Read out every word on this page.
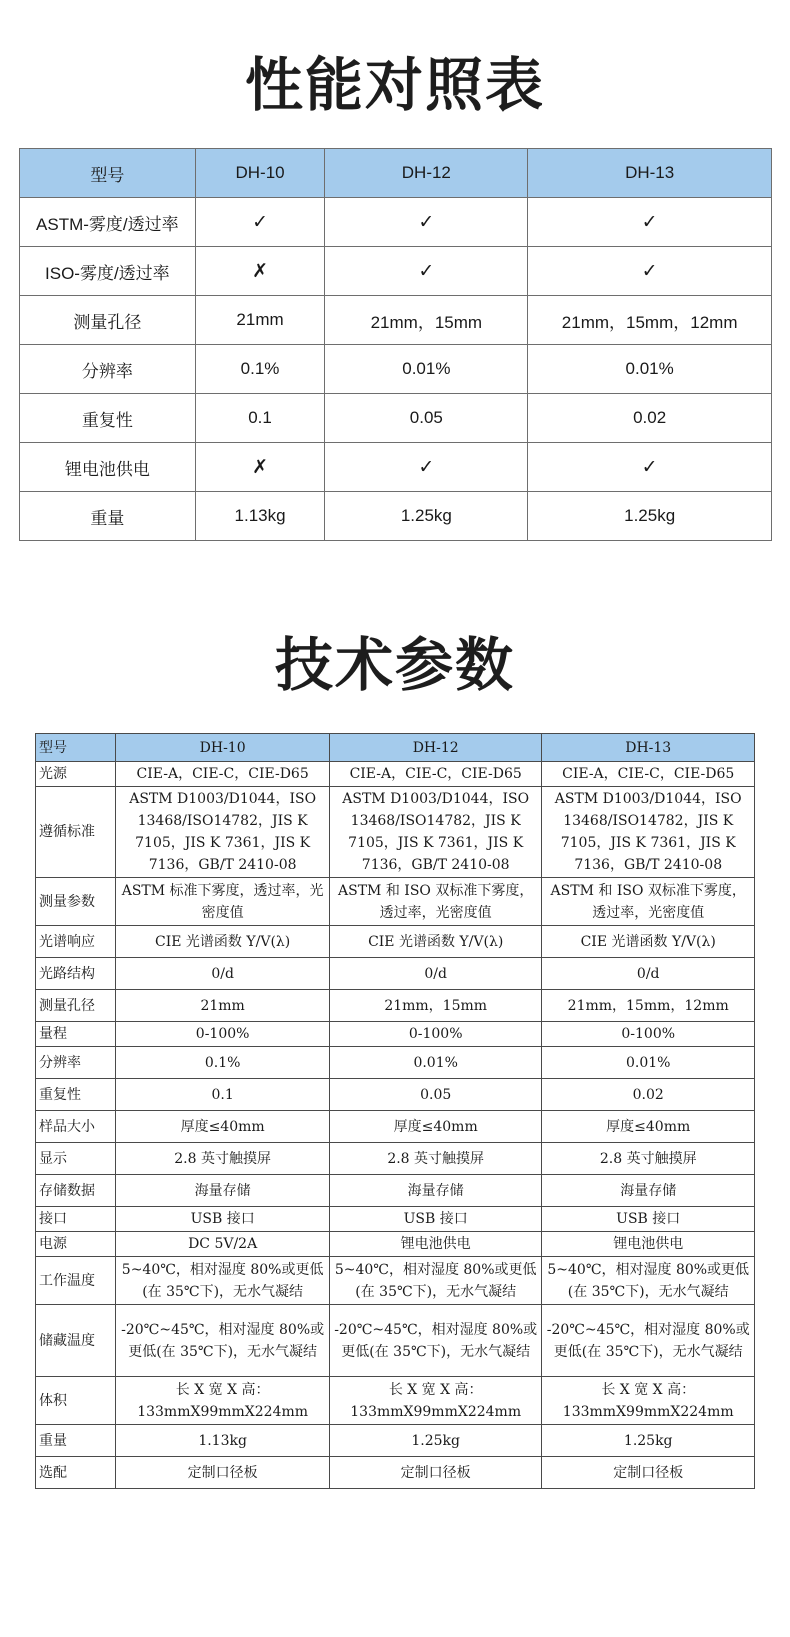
性能对照表
型号	DH-10	DH-12	DH-13
ASTM-雾度/透过率	✓	✓	✓
ISO-雾度/透过率	✗	✓	✓
测量孔径	21mm	21mm，15mm	21mm，15mm，12mm
分辨率	0.1%	0.01%	0.01%
重复性	0.1	0.05	0.02
锂电池供电	✗	✓	✓
重量	1.13kg	1.25kg	1.25kg
技术参数
型号	DH-10	DH-12	DH-13
光源	CIE-A，CIE-C，CIE-D65	CIE-A，CIE-C，CIE-D65	CIE-A，CIE-C，CIE-D65
遵循标准	ASTM D1003/D1044，ISO 13468/ISO14782，JIS K 7105，JIS K 7361，JIS K 7136，GB/T 2410-08	ASTM D1003/D1044，ISO 13468/ISO14782，JIS K 7105，JIS K 7361，JIS K 7136，GB/T 2410-08	ASTM D1003/D1044，ISO 13468/ISO14782，JIS K 7105，JIS K 7361，JIS K 7136，GB/T 2410-08
测量参数	ASTM 标准下雾度，透过率，光密度值	ASTM 和 ISO 双标准下雾度，透过率，光密度值	ASTM 和 ISO 双标准下雾度，透过率，光密度值
光谱响应	CIE 光谱函数 Y/V(λ)	CIE 光谱函数 Y/V(λ)	CIE 光谱函数 Y/V(λ)
光路结构	0/d	0/d	0/d
测量孔径	21mm	21mm，15mm	21mm，15mm，12mm
量程	0-100%	0-100%	0-100%
分辨率	0.1%	0.01%	0.01%
重复性	0.1	0.05	0.02
样品大小	厚度≤40mm	厚度≤40mm	厚度≤40mm
显示	2.8 英寸触摸屏	2.8 英寸触摸屏	2.8 英寸触摸屏
存储数据	海量存储	海量存储	海量存储
接口	USB 接口	USB 接口	USB 接口
电源	DC 5V/2A	锂电池供电	锂电池供电
工作温度	5~40℃，相对湿度 80%或更低(在 35℃下)，无水气凝结	5~40℃，相对湿度 80%或更低(在 35℃下)，无水气凝结	5~40℃，相对湿度 80%或更低(在 35℃下)，无水气凝结
储藏温度	-20℃~45℃，相对湿度 80%或更低(在 35℃下)，无水气凝结	-20℃~45℃，相对湿度 80%或更低(在 35℃下)，无水气凝结	-20℃~45℃，相对湿度 80%或更低(在 35℃下)，无水气凝结
体积	长 X 宽 X 高：133mmX99mmX224mm	长 X 宽 X 高：133mmX99mmX224mm	长 X 宽 X 高：133mmX99mmX224mm
重量	1.13kg	1.25kg	1.25kg
选配	定制口径板	定制口径板	定制口径板
